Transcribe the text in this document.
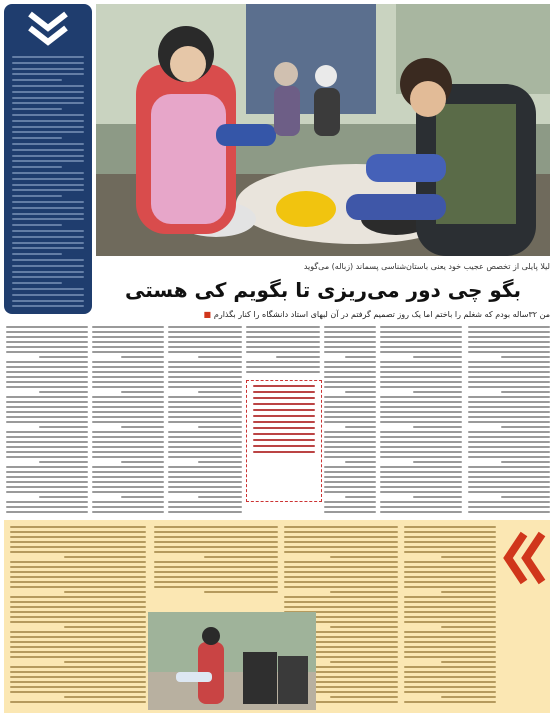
لیلا پایلی از تخصص عجیب خود یعنی باستان‌شناسی پسماند (زباله) می‌گوید
بگو چی دور می‌ریزی تا بگویم کی هستی
■ من ۳۲ساله بودم که شغلم را باختم اما یک روز تصمیم گرفتم در آن لبهای استاد دانشگاه را کنار بگذارم
